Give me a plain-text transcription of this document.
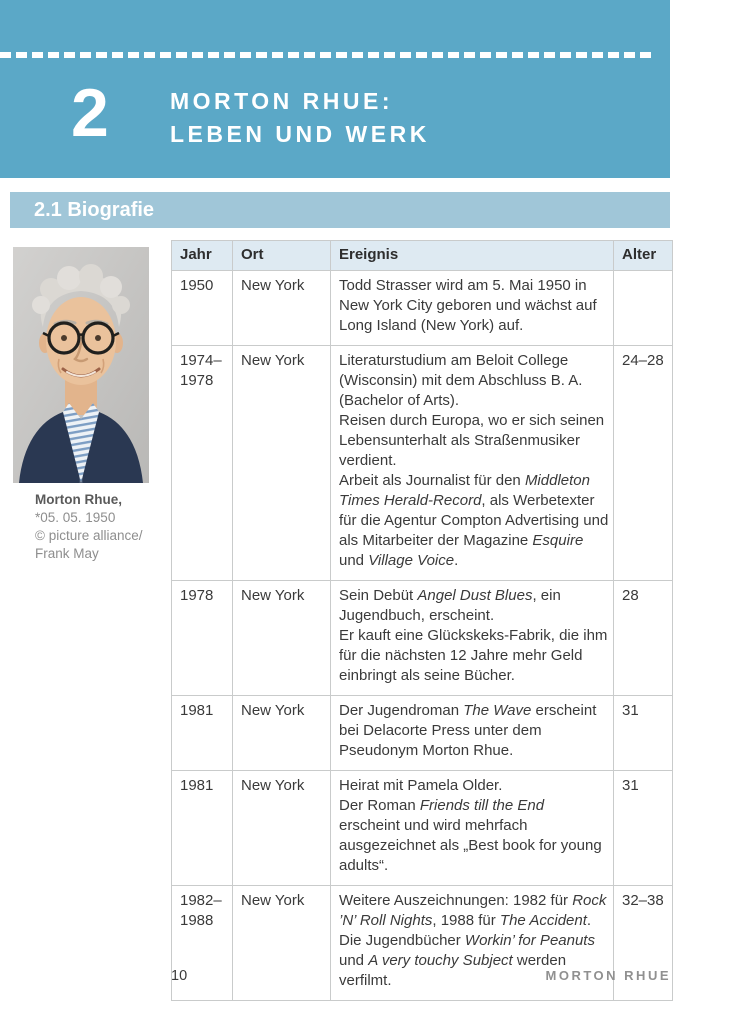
2	MORTON RHUE:
LEBEN UND WERK
2.1 Biografie
Morton Rhue,
*05. 05. 1950
© picture alliance/
Frank May
Jahr	Ort	Ereignis	Alter
1950	New York	Todd Strasser wird am 5. Mai 1950 in New York City geboren und wächst auf Long Island (New York) auf.	

1974–
1978	New York	Literaturstudium am Beloit College (Wisconsin) mit dem Abschluss B. A. (Bachelor of Arts).
Reisen durch Europa, wo er sich seinen Lebensunterhalt als Straßenmusiker verdient.
Arbeit als Journalist für den Middleton Times Herald-Record, als Werbetexter für die Agentur Compton Advertising und als Mitarbeiter der Magazine Esquire und Village Voice.
	24–28
1978	New York	Sein Debüt Angel Dust Blues, ein Jugendbuch, erscheint.
Er kauft eine Glückskeks-Fabrik, die ihm für die nächsten 12 Jahre mehr Geld einbringt als seine Bücher.	28
1981	New York	Der Jugendroman The Wave erscheint bei Delacorte Press unter dem Pseudonym Morton Rhue.	31
1981	New York	Heirat mit Pamela Older.
Der Roman Friends till the End erscheint und wird mehrfach ausgezeichnet als „Best book for young adults“.	31
1982–
1988	New York	Weitere Auszeichnungen: 1982 für Rock ’N’ Roll Nights, 1988 für The Accident.
Die Jugendbücher Workin’ for Peanuts und A very touchy Subject werden verfilmt.
	32–38
10	MORTON RHUE
